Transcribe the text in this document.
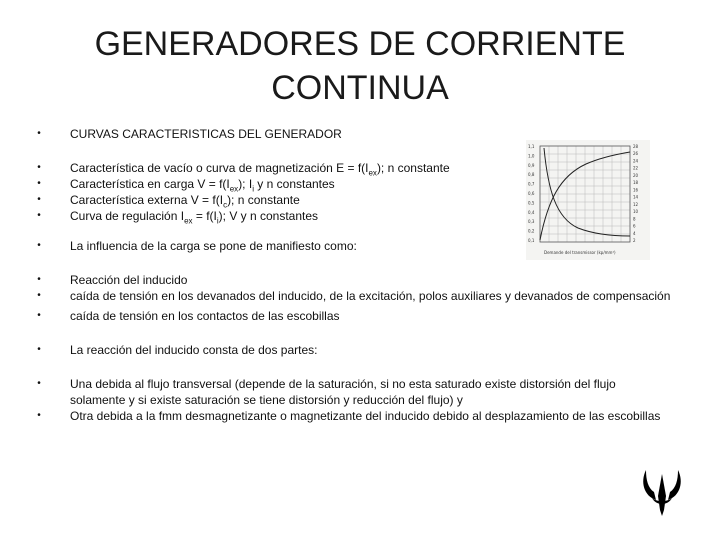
GENERADORES DE CORRIENTE
CONTINUA
• CURVAS CARACTERISTICAS DEL GENERADOR
• Característica de vacío o curva de magnetización $E = f(I_{ex})$; n constante
• Característica en carga $V = f(I_{ex})$; $I_i$ y n constantes
• Característica externa $V = f(I_c)$; n constante
• Curva de regulación $I_{ex} = f(I_i)$; V y n constantes
• La influencia de la carga se pone de manifiesto como:
• Reacción del inducido
• caída de tensión en los devanados del inducido, de la excitación, polos auxiliares y devanados de compensación
• caída de tensión en los contactos de las escobillas
• La reacción del inducido consta de dos partes:
• Una debida al flujo transversal (depende de la saturación, si no esta saturado existe distorsión del flujo solamente y si existe saturación se tiene distorsión y reducción del flujo) y
• Otra debida a la fmm desmagnetizante o magnetizante del inducido debido al desplazamiento de las escobillas
1,1
1,0
0,9
0,8
0,7
0,6
0,5
0,4
0,3
0,2
0,1
28
26
24
22
20
18
16
14
12
10
8
6
4
2
Demande del transmissor (kp/mm²)
